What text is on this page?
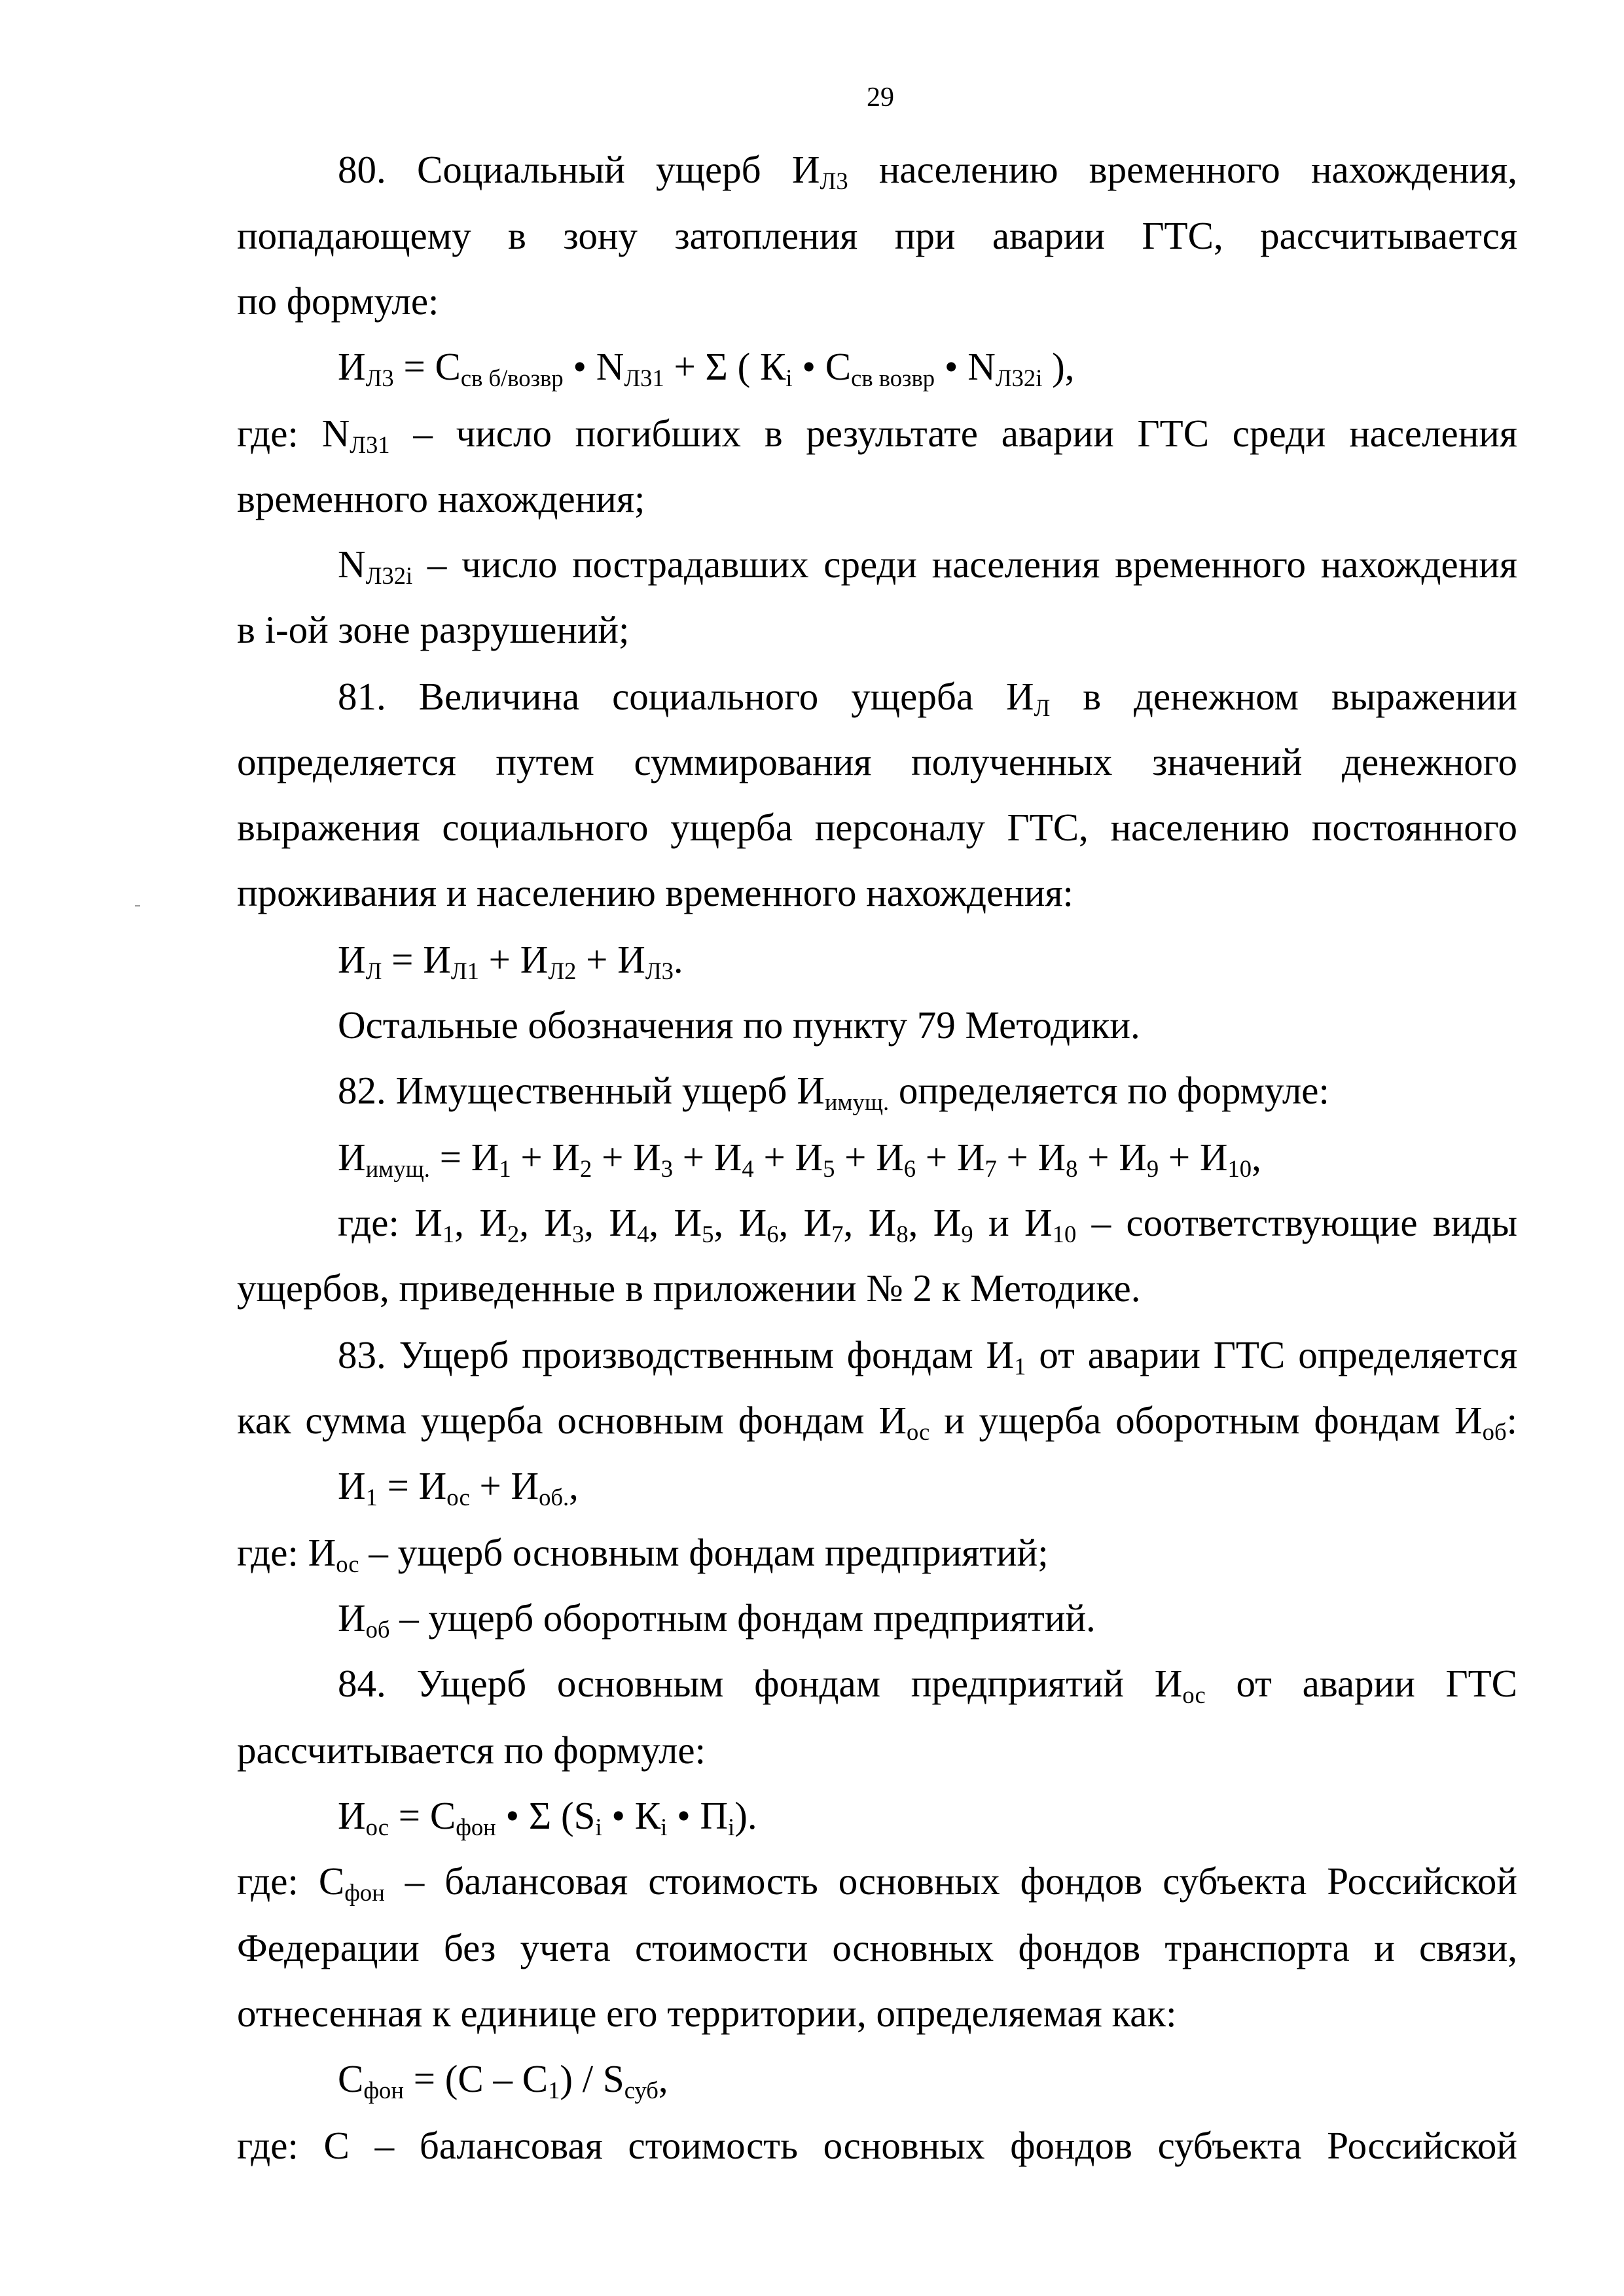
29
80. Социальный ущерб $И_{Л3}$ населению временного нахождения,
попадающему в зону затопления при аварии ГТС, рассчитывается
по формуле:
$И_{Л3} = С_{св б/возвр}$ • $N_{Л31} + \Sigma$ ( $К_i$ • $С_{св возвр}$ • $N_{Л32i}$ ),
где: $N_{Л31}$ – число погибших в результате аварии ГТС среди населения
временного нахождения;
$N_{Л32i}$ – число пострадавших среди населения временного нахождения
в i-ой зоне разрушений;
81. Величина социального ущерба $И_Л$ в денежном выражении
определяется путем суммирования полученных значений денежного
выражения социального ущерба персоналу ГТС, населению постоянного
проживания и населению временного нахождения:
$И_Л = И_{Л1} + И_{Л2} + И_{Л3}$.
Остальные обозначения по пункту 79 Методики.
82. Имущественный ущерб $И_{имущ.}$ определяется по формуле:
$И_{имущ.} = И_1 + И_2 + И_3 + И_4 + И_5 + И_6 + И_7 + И_8 + И_9 + И_{10}$,
где: $И_1$, $И_2$, $И_3$, $И_4$, $И_5$, $И_6$, $И_7$, $И_8$, $И_9$ и $И_{10}$ – соответствующие виды
ущербов, приведенные в приложении № 2 к Методике.
83. Ущерб производственным фондам $И_1$ от аварии ГТС определяется
как сумма ущерба основным фондам $И_{ос}$ и ущерба оборотным фондам $И_{об}$:
$И_1 = И_{ос} + И_{об.}$,
где: $И_{ос}$ – ущерб основным фондам предприятий;
$И_{об}$ – ущерб оборотным фондам предприятий.
84. Ущерб основным фондам предприятий $И_{ос}$ от аварии ГТС
рассчитывается по формуле:
$И_{ос} = С_{фон}$ • Σ ($S_i$ • $К_i$ • $П_i$).
где: $С_{фон}$ – балансовая стоимость основных фондов субъекта Российской
Федерации без учета стоимости основных фондов транспорта и связи,
отнесенная к единице его территории, определяемая как:
$С_{фон} = (С - С_1) / S_{суб}$,
где: С – балансовая стоимость основных фондов субъекта Российской
